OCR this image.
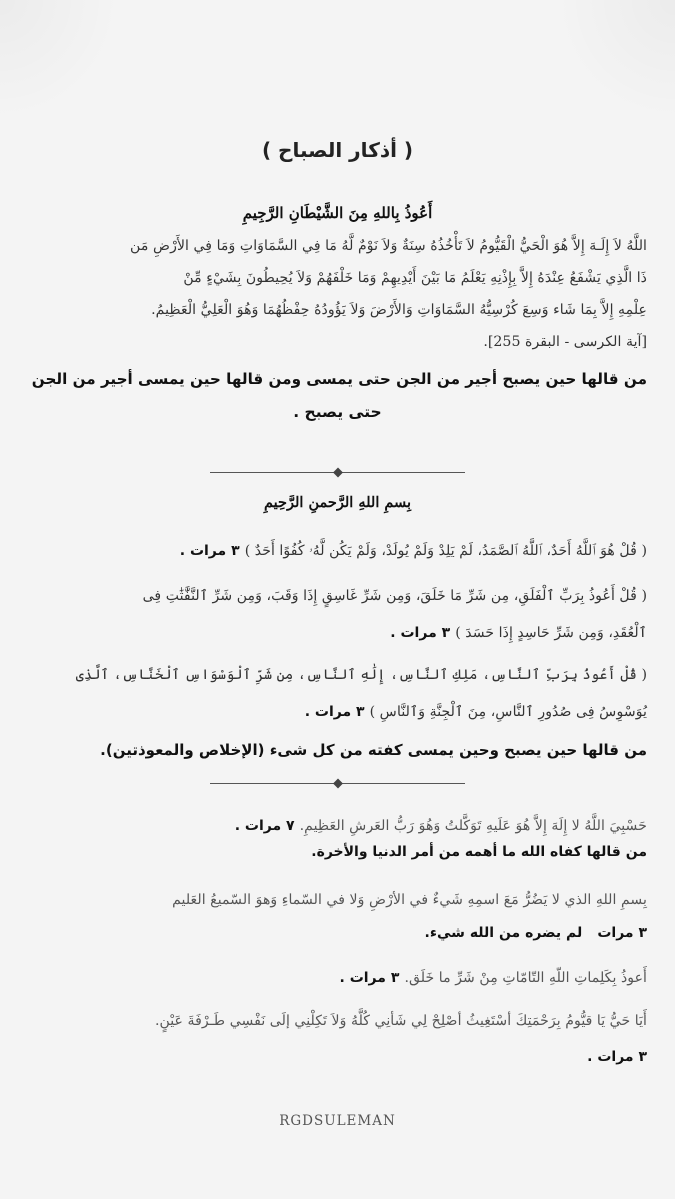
( أذكار الصباح )
أَعُوذُ بِاللهِ مِنَ الشَّيْطَانِ الرَّجِيمِ
اللَّهُ لاَ إِلَـهَ إِلاَّ هُوَ الْحَيُّ الْقَيُّومُ لاَ تَأْخُذُهُ سِنَةٌ وَلاَ نَوْمٌ لَّهُ مَا فِي السَّمَاوَاتِ وَمَا فِي الأَرْضِ مَن
ذَا الَّذِي يَشْفَعُ عِنْدَهُ إِلاَّ بِإِذْنِهِ يَعْلَمُ مَا بَيْنَ أَيْدِيهِمْ وَمَا خَلْفَهُمْ وَلاَ يُحِيطُونَ بِشَيْءٍ مِّنْ
عِلْمِهِ إِلاَّ بِمَا شَاء وَسِعَ كُرْسِيُّهُ السَّمَاوَاتِ وَالأَرْضَ وَلاَ يَؤُودُهُ حِفْظُهُمَا وَهُوَ الْعَلِيُّ الْعَظِيمُ.
[آية الكرسى - البقرة 255].
من قالها حين يصبح أجير من الجن حتى يمسى ومن قالها حين يمسى أجير من الجن
حتى يصبح .
بِسمِ اللهِ الرَّحمنِ الرَّحِيمِ
( قُلْ هُوَ ٱللَّهُ أَحَدٌ، ٱللَّهُ ٱلصَّمَدُ، لَمْ يَلِدْ وَلَمْ يُولَدْ، وَلَمْ يَكُن لَّهُۥ كُفُوًا أَحَدٌ ) ٣ مرات .
( قُلْ أَعُوذُ بِرَبِّ ٱلْفَلَقِ، مِن شَرِّ مَا خَلَقَ، وَمِن شَرِّ غَاسِقٍ إِذَا وَقَبَ، وَمِن شَرِّ ٱلنَّفَّٰثَٰتِ فِى
ٱلْعُقَدِ، وَمِن شَرِّ حَاسِدٍ إِذَا حَسَدَ ) ٣ مرات .
( قُلْ أَعُوذُ بِرَبِّ ٱلنَّاسِ، مَلِكِ ٱلنَّاسِ، إِلَٰهِ ٱلنَّاسِ، مِن شَرِّ ٱلْوَسْوَاسِ ٱلْخَنَّاسِ، ٱلَّذِى
يُوَسْوِسُ فِى صُدُورِ ٱلنَّاسِ، مِنَ ٱلْجِنَّةِ وَٱلنَّاسِ ) ٣ مرات .
من قالها حين يصبح وحين يمسى كفته من كل شىء (الإخلاص والمعوذتين).
حَسْبِيَ اللَّهُ لا إِلَهَ إِلاَّ هُوَ عَلَيهِ تَوَكَّلتُ وَهُوَ رَبُّ العَرشِ العَظِيمِ. ٧ مرات .
من قالها كفاه الله ما أهمه من أمر الدنيا والأخرة.
بِسمِ اللهِ الذي لا يَضُرُّ مَعَ اسمِهِ شَيءٌ في الأرْضِ وَلا في السّماءِ وَهوَ السّميعُ العَليم
٣ مرات لم يضره من الله شيء.
أَعوذُ بِكَلِماتِ اللّهِ التّامّاتِ مِنْ شَرِّ ما خَلَق. ٣ مرات .
أَيَا حَيُّ يَا قيُّومُ بِرَحْمَتِكَ أسْتَغِيثُ أصْلِحْ لِي شَأنِي كُلَّهُ وَلاَ تَكِلْنِي إلَى نَفْسِي طَـرْفَةَ عَيْنٍ.
٣ مرات .
RGDSULEMAN
